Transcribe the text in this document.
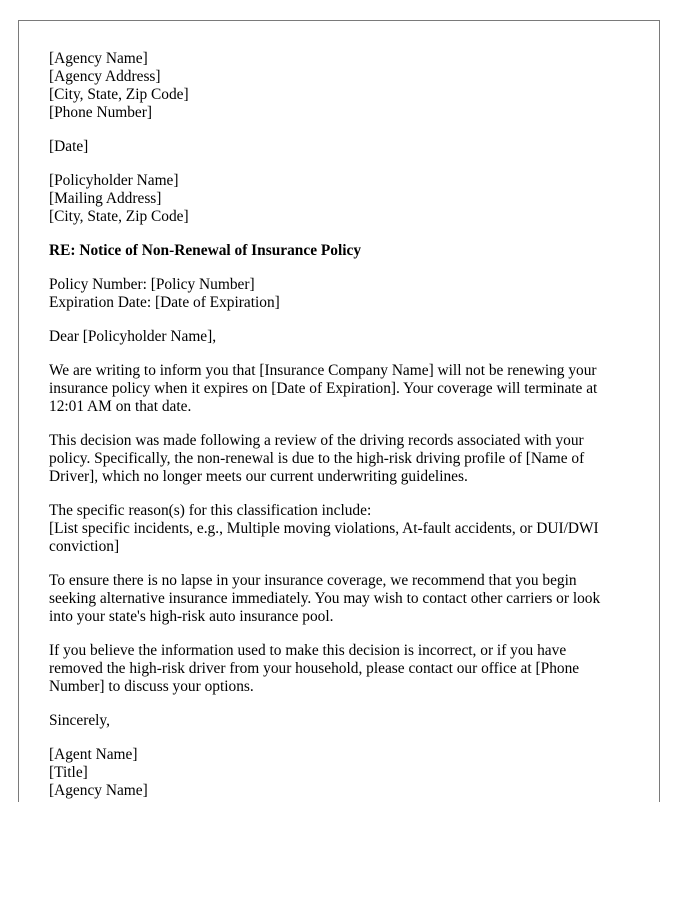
[Agency Name]
[Agency Address]
[City, State, Zip Code]
[Phone Number]
[Date]
[Policyholder Name]
[Mailing Address]
[City, State, Zip Code]
RE: Notice of Non-Renewal of Insurance Policy
Policy Number: [Policy Number]
Expiration Date: [Date of Expiration]
Dear [Policyholder Name],
We are writing to inform you that [Insurance Company Name] will not be renewing your
insurance policy when it expires on [Date of Expiration]. Your coverage will terminate at
12:01 AM on that date.
This decision was made following a review of the driving records associated with your
policy. Specifically, the non-renewal is due to the high-risk driving profile of [Name of
Driver], which no longer meets our current underwriting guidelines.
The specific reason(s) for this classification include:
[List specific incidents, e.g., Multiple moving violations, At-fault accidents, or DUI/DWI
conviction]
To ensure there is no lapse in your insurance coverage, we recommend that you begin
seeking alternative insurance immediately. You may wish to contact other carriers or look
into your state's high-risk auto insurance pool.
If you believe the information used to make this decision is incorrect, or if you have
removed the high-risk driver from your household, please contact our office at [Phone
Number] to discuss your options.
Sincerely,
[Agent Name]
[Title]
[Agency Name]
